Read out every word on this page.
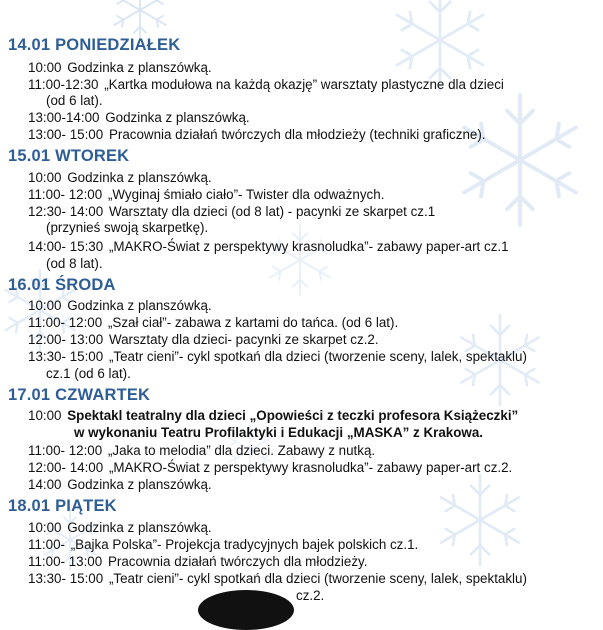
14.01 PONIEDZIAŁEK
10:00 Godzinka z planszówką.
11:00-12:30 „Kartka modułowa na każdą okazję” warsztaty plastyczne dla dzieci
(od 6 lat).
13:00-14:00 Godzinka z planszówką.
13:00- 15:00 Pracownia działań twórczych dla młodzieży (techniki graficzne).
15.01 WTOREK
10:00 Godzinka z planszówką.
11:00- 12:00 „Wyginaj śmiało ciało”- Twister dla odważnych.
12:30- 14:00 Warsztaty dla dzieci (od 8 lat) - pacynki ze skarpet cz.1
(przynieś swoją skarpetkę).
14:00- 15:30 „MAKRO-Świat z perspektywy krasnoludka”- zabawy paper-art cz.1
(od 8 lat).
16.01 ŚRODA
10:00 Godzinka z planszówką.
11:00- 12:00 „Szał ciał”- zabawa z kartami do tańca. (od 6 lat).
12:00- 13:00 Warsztaty dla dzieci- pacynki ze skarpet cz.2.
13:30- 15:00 „Teatr cieni”- cykl spotkań dla dzieci (tworzenie sceny, lalek, spektaklu)
cz.1 (od 6 lat).
17.01 CZWARTEK
10:00 Spektakl teatralny dla dzieci „Opowieści z teczki profesora Książeczki”
w wykonaniu Teatru Profilaktyki i Edukacji „MASKA” z Krakowa.
11:00- 12:00 „Jaka to melodia” dla dzieci. Zabawy z nutką.
12:00- 14:00 „MAKRO-Świat z perspektywy krasnoludka”- zabawy paper-art cz.2.
14:00 Godzinka z planszówką.
18.01 PIĄTEK
10:00 Godzinka z planszówką.
11:00- „Bajka Polska”- Projekcja tradycyjnych bajek polskich cz.1.
11:00- 13:00 Pracownia działań twórczych dla młodzieży.
13:30- 15:00 „Teatr cieni”- cykl spotkań dla dzieci (tworzenie sceny, lalek, spektaklu)
cz.2.
